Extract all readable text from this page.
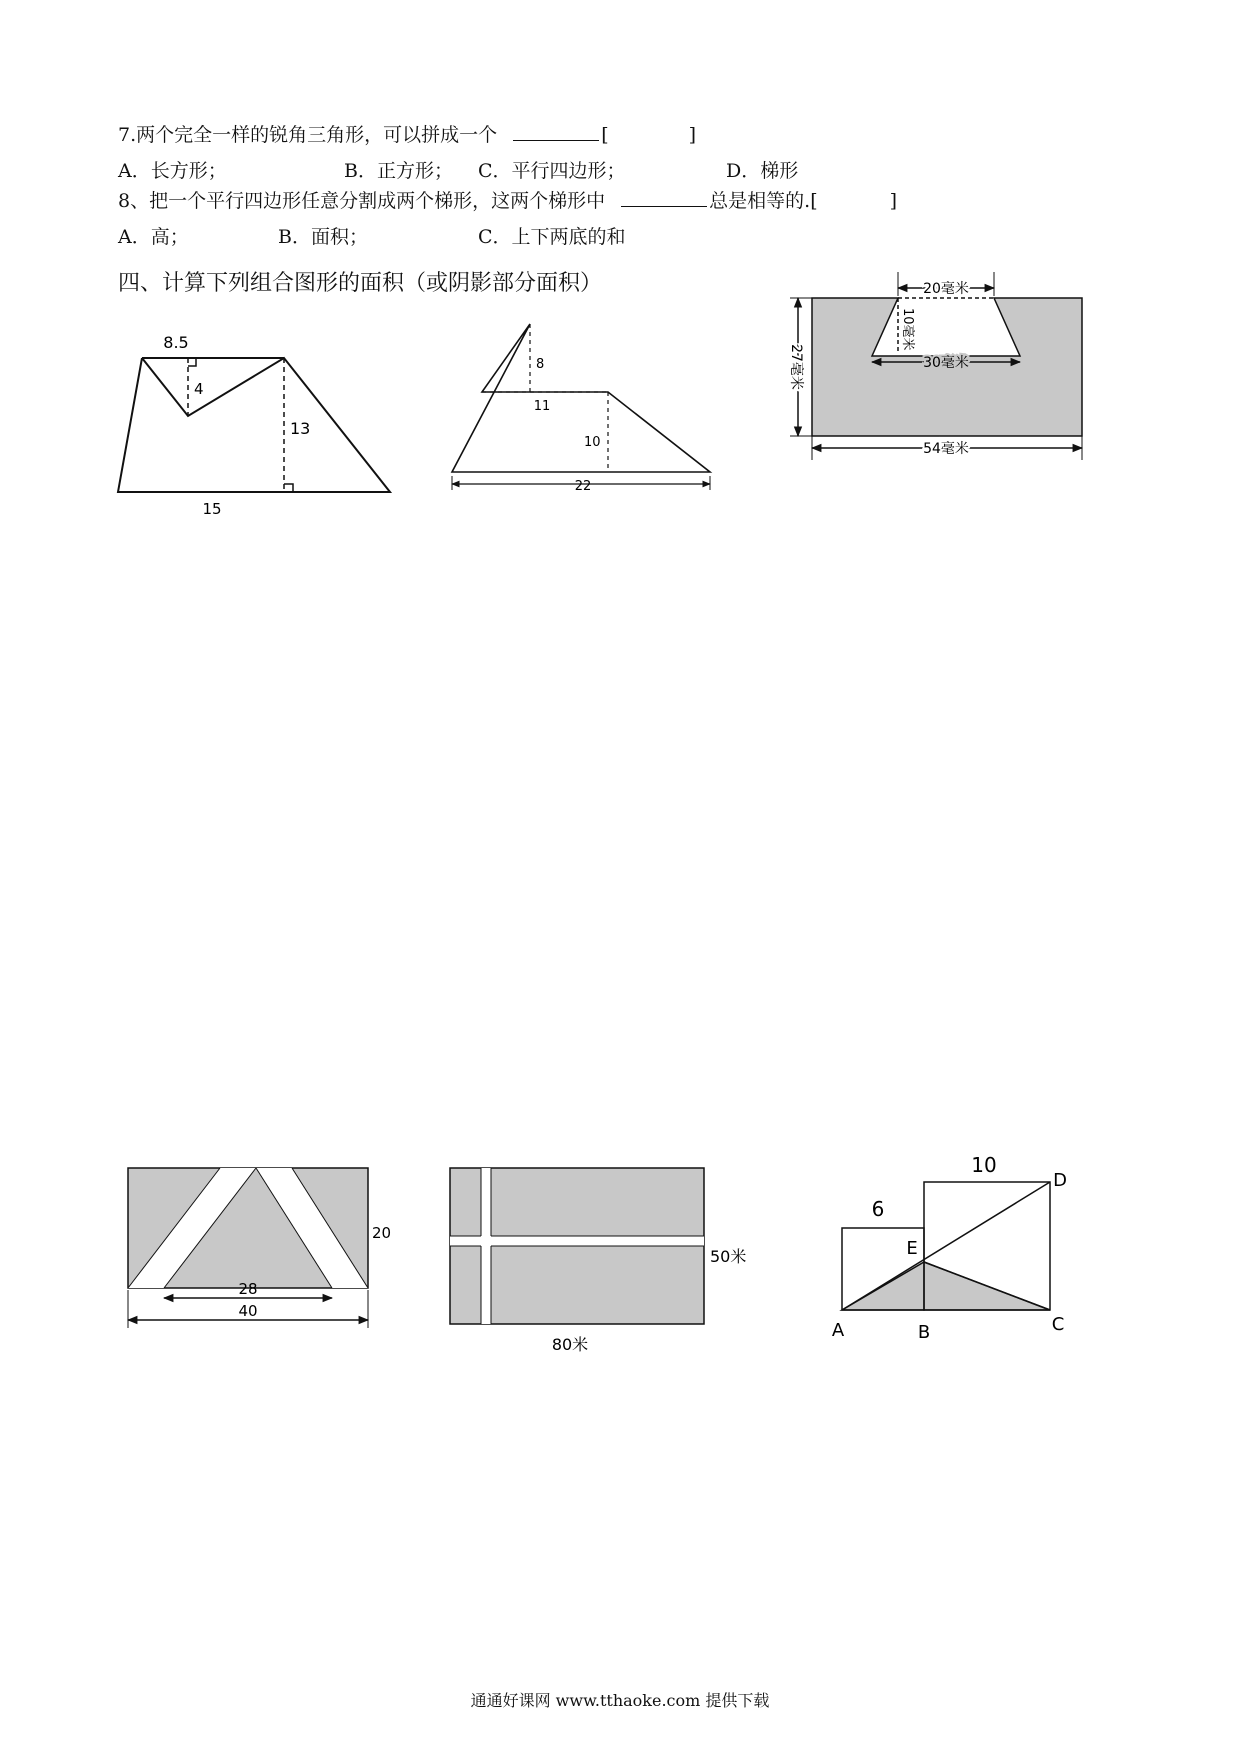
7.两个完全一样的锐角三角形，可以拼成一个	[	]
A．长方形；	B．正方形； C．平行四边形；	D．梯形
8、把一个平行四边形任意分割成两个梯形，这两个梯形中	总是相等的.[	]
A．高；	B．面积；	C．上下两底的和
四、计算下列组合图形的面积（或阴影部分面积）
8.5
4
13
15
8
11
10
22
20毫米
10毫米
30毫米
27毫米
54毫米
20
28
40
50米
80米
6
10
A	B	C
D
E
通通好课网 www.tthaoke.com 提供下载
